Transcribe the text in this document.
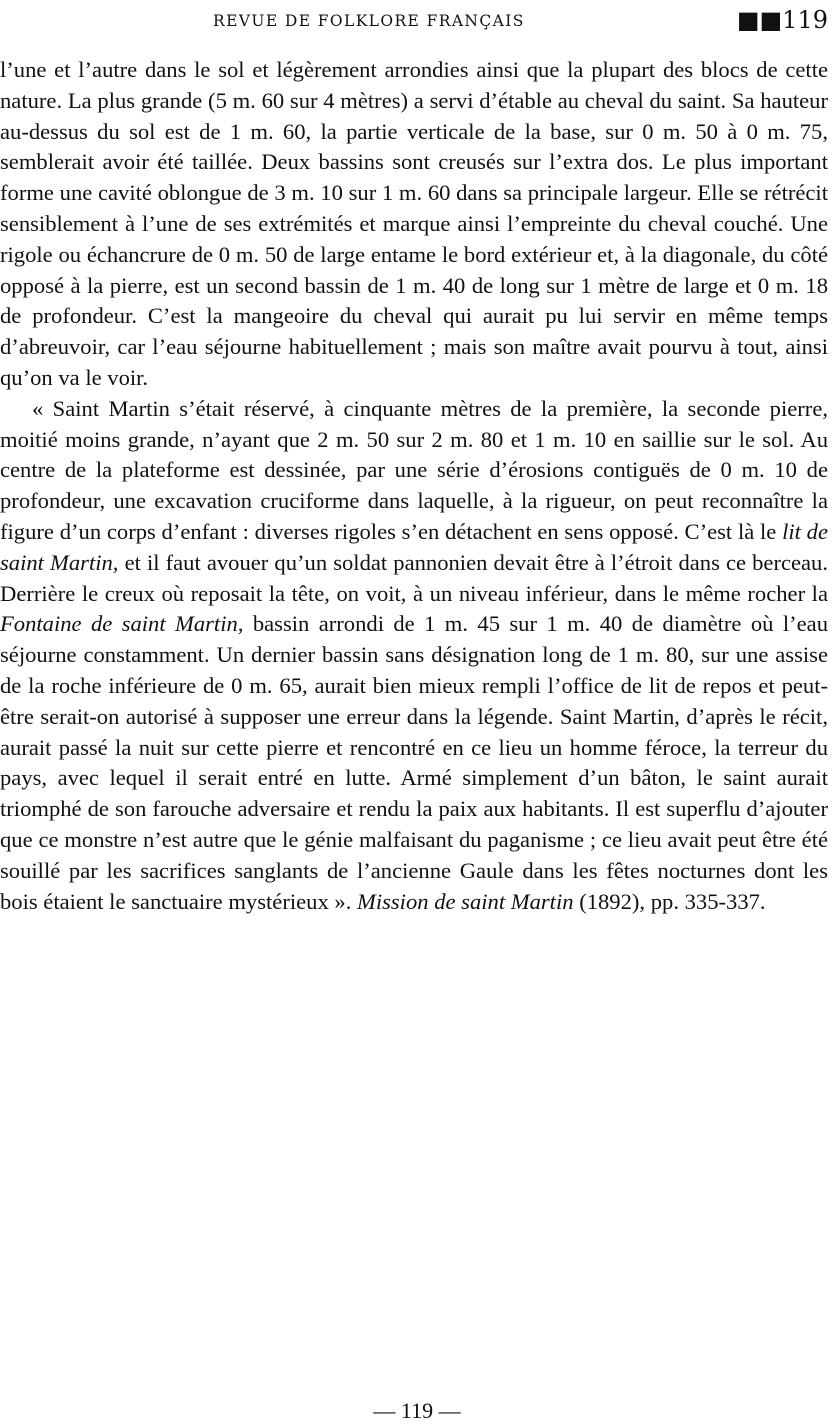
REVUE DE FOLKLORE FRANÇAIS	■■119

l’une et l’autre dans le sol et légèrement arrondies ainsi que la plupart des blocs de cette nature. La plus grande (5 m. 60 sur 4 mètres) a servi d’étable au cheval du saint. Sa hauteur au-dessus du sol est de 1 m. 60, la partie verticale de la base, sur 0 m. 50 à 0 m. 75, semblerait avoir été taillée. Deux bassins sont creusés sur l’extra dos. Le plus important forme une cavité oblongue de 3 m. 10 sur 1 m. 60 dans sa principale largeur. Elle se rétrécit sensiblement à l’une de ses extrémités et marque ainsi l’empreinte du cheval couché. Une rigole ou échancrure de 0 m. 50 de large entame le bord extérieur et, à la diagonale, du côté opposé à la pierre, est un second bassin de 1 m. 40 de long sur 1 mètre de large et 0 m. 18 de profondeur. C’est la mangeoire du cheval qui aurait pu lui servir en même temps d’abreuvoir, car l’eau séjourne habituellement ; mais son maître avait pourvu à tout, ainsi qu’on va le voir.

« Saint Martin s’était réservé, à cinquante mètres de la première, la seconde pierre, moitié moins grande, n’ayant que 2 m. 50 sur 2 m. 80 et 1 m. 10 en saillie sur le sol. Au centre de la plateforme est dessinée, par une série d’érosions contiguës de 0 m. 10 de profondeur, une excavation cruciforme dans laquelle, à la rigueur, on peut reconnaître la figure d’un corps d’enfant : diverses rigoles s’en détachent en sens opposé. C’est là le lit de saint Martin, et il faut avouer qu’un soldat pannonien devait être à l’étroit dans ce berceau. Derrière le creux où reposait la tête, on voit, à un niveau inférieur, dans le même rocher la Fontaine de saint Martin, bassin arrondi de 1 m. 45 sur 1 m. 40 de diamètre où l’eau séjourne constamment. Un dernier bassin sans désignation long de 1 m. 80, sur une assise de la roche inférieure de 0 m. 65, aurait bien mieux rempli l’office de lit de repos et peut-être serait-on autorisé à supposer une erreur dans la légende. Saint Martin, d’après le récit, aurait passé la nuit sur cette pierre et rencontré en ce lieu un homme féroce, la terreur du pays, avec lequel il serait entré en lutte. Armé simplement d’un bâton, le saint aurait triomphé de son farouche adversaire et rendu la paix aux habitants. Il est superflu d’ajouter que ce monstre n’est autre que le génie malfaisant du paganisme ; ce lieu avait peut être été souillé par les sacrifices sanglants de l’ancienne Gaule dans les fêtes nocturnes dont les bois étaient le sanctuaire mystérieux ». Mission de saint Martin (1892), pp. 335-337.

— 119 —
